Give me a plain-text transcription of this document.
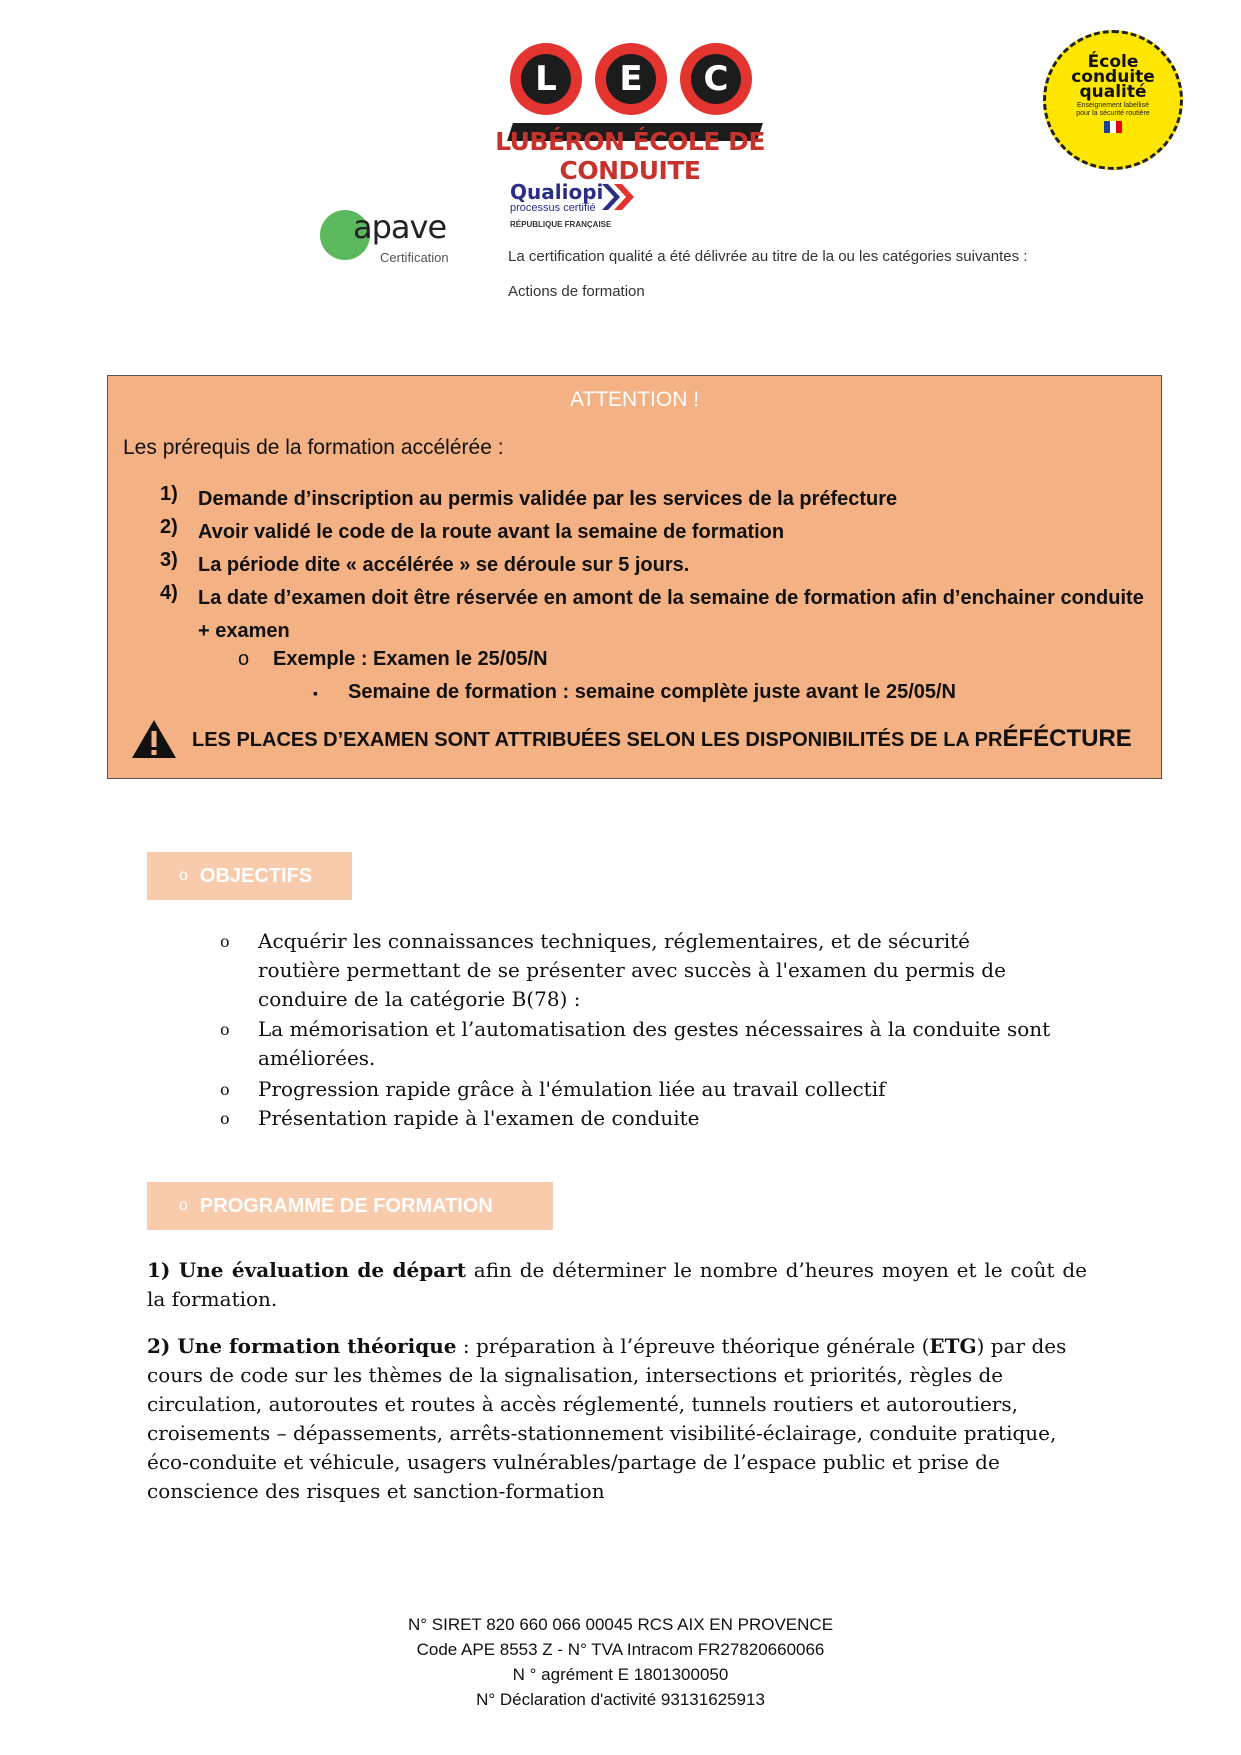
L	E	C
LUBÉRON ÉCOLE DE CONDUITE
École
conduite
qualité
Enseignement labellisé pour la sécurité routière
apave
Certification
Qualiopi
processus certifié
RÉPUBLIQUE FRANÇAISE
La certification qualité a été délivrée au titre de la ou les catégories suivantes :
Actions de formation
ATTENTION !
Les prérequis de la formation accélérée :
1) Demande d’inscription au permis validée par les services de la préfecture
2) Avoir validé le code de la route avant la semaine de formation
3) La période dite « accélérée » se déroule sur 5 jours.
4) La date d’examen doit être réservée en amont de la semaine de formation afin d’enchainer conduite + examen
o Exemple : Examen le 25/05/N
▪ Semaine de formation : semaine complète juste avant le 25/05/N
LES PLACES D’EXAMEN SONT ATTRIBUÉES SELON LES DISPONIBILITÉS DE LA PRÉFÉCTURE
o OBJECTIFS
o Acquérir les connaissances techniques, réglementaires, et de sécurité routière permettant de se présenter avec succès à l'examen du permis de conduire de la catégorie B(78) :
o La mémorisation et l’automatisation des gestes nécessaires à la conduite sont améliorées.
o Progression rapide grâce à l'émulation liée au travail collectif
o Présentation rapide à l'examen de conduite
o PROGRAMME DE FORMATION
1) Une évaluation de départ afin de déterminer le nombre d’heures moyen et le coût de la formation.
2) Une formation théorique : préparation à l’épreuve théorique générale (ETG) par des cours de code sur les thèmes de la signalisation, intersections et priorités, règles de circulation, autoroutes et routes à accès réglementé, tunnels routiers et autoroutiers, croisements – dépassements, arrêts-stationnement visibilité-éclairage, conduite pratique, éco-conduite et véhicule, usagers vulnérables/partage de l’espace public et prise de conscience des risques et sanction-formation
N° SIRET 820 660 066 00045 RCS AIX EN PROVENCE
Code APE 8553 Z - N° TVA Intracom FR27820660066
N ° agrément E 1801300050
N° Déclaration d'activité 93131625913
